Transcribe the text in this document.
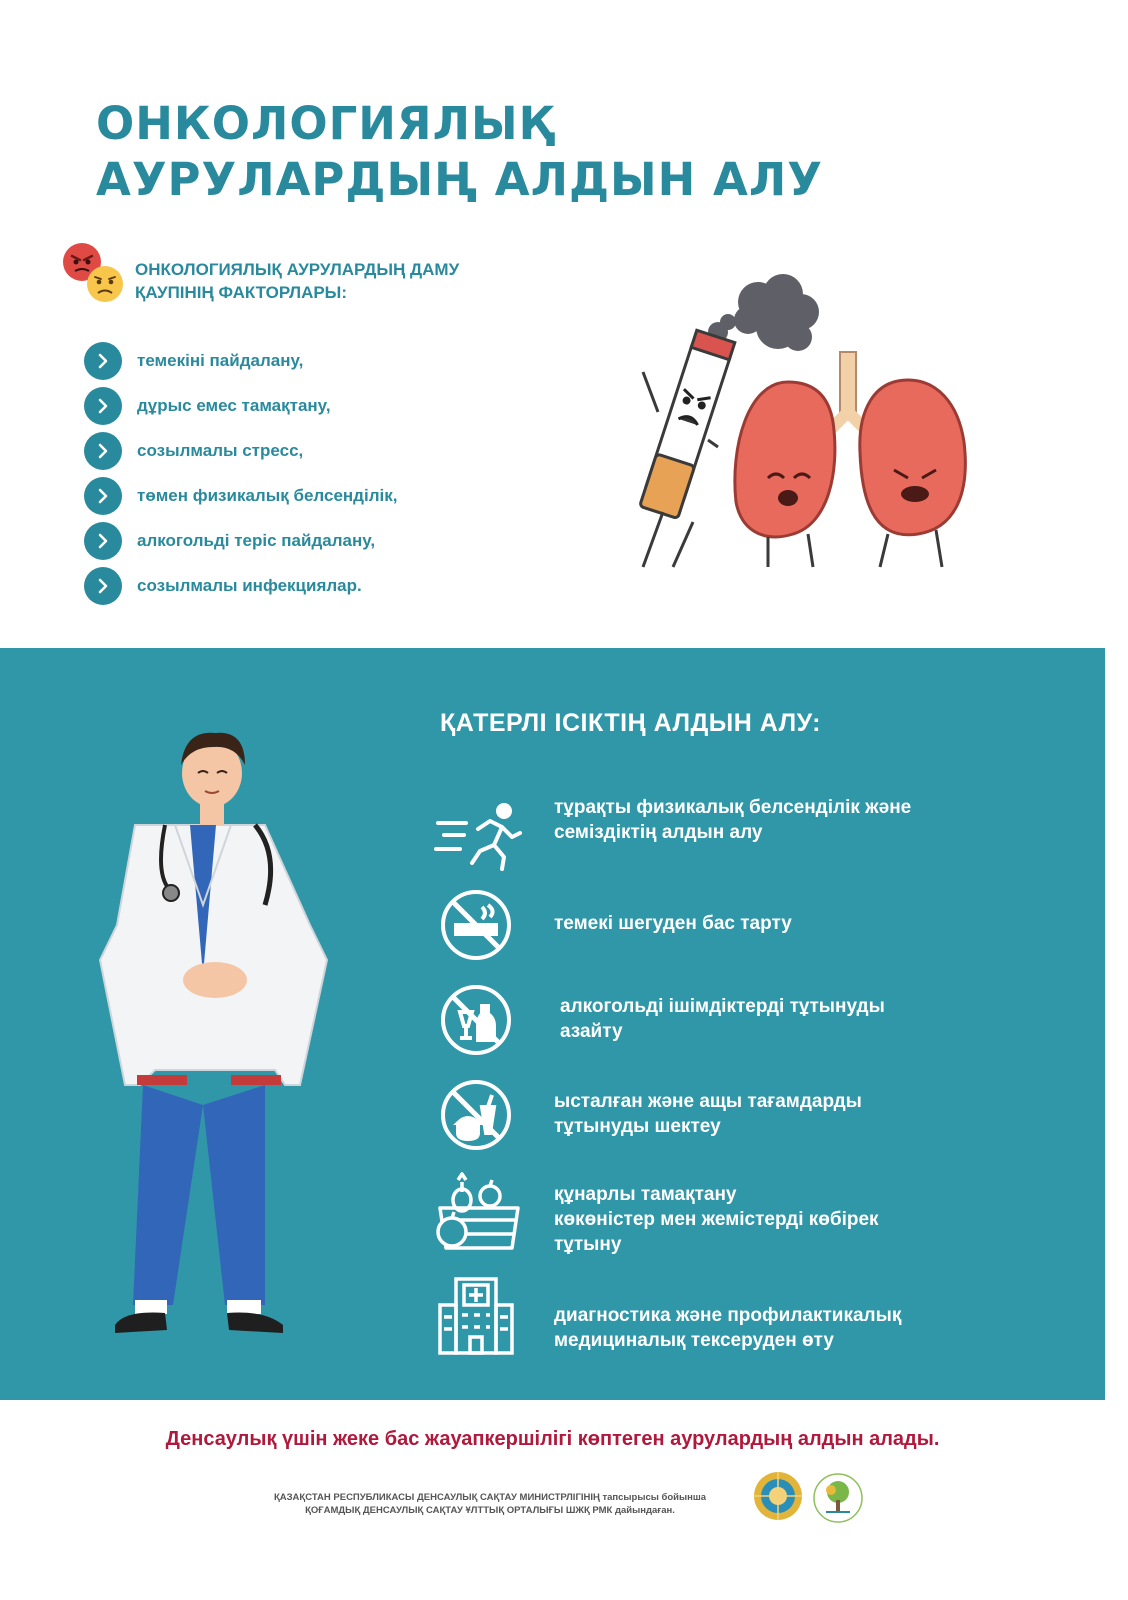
ОНКОЛОГИЯЛЫҚ
АУРУЛАРДЫҢ АЛДЫН АЛУ
ОНКОЛОГИЯЛЫҚ АУРУЛАРДЫҢ ДАМУ
ҚАУПІНІҢ ФАКТОРЛАРЫ:
темекіні пайдалану,
дұрыс емес тамақтану,
созылмалы стресс,
төмен физикалық белсенділік,
алкогольді теріс пайдалану,
созылмалы инфекциялар.
ҚАТЕРЛІ ІСІКТІҢ АЛДЫН АЛУ:
тұрақты физикалық белсенділік және
семіздіктің алдын алу
темекі шегуден бас тарту
алкогольді ішімдіктерді тұтынуды
азайту
ысталған және ащы тағамдарды
тұтынуды шектеу
құнарлы тамақтану
көкөністер мен жемістерді көбірек
тұтыну
диагностика және профилактикалық
медициналық тексеруден өту
Денсаулық үшін жеке бас жауапкершілігі көптеген аурулардың алдын алады.
ҚАЗАҚСТАН РЕСПУБЛИКАСЫ ДЕНСАУЛЫҚ САҚТАУ МИНИСТРЛІГІНІҢ тапсырысы бойынша
ҚОҒАМДЫҚ ДЕНСАУЛЫҚ САҚТАУ ҰЛТТЫҚ ОРТАЛЫҒЫ ШЖҚ РМК дайындаған.
